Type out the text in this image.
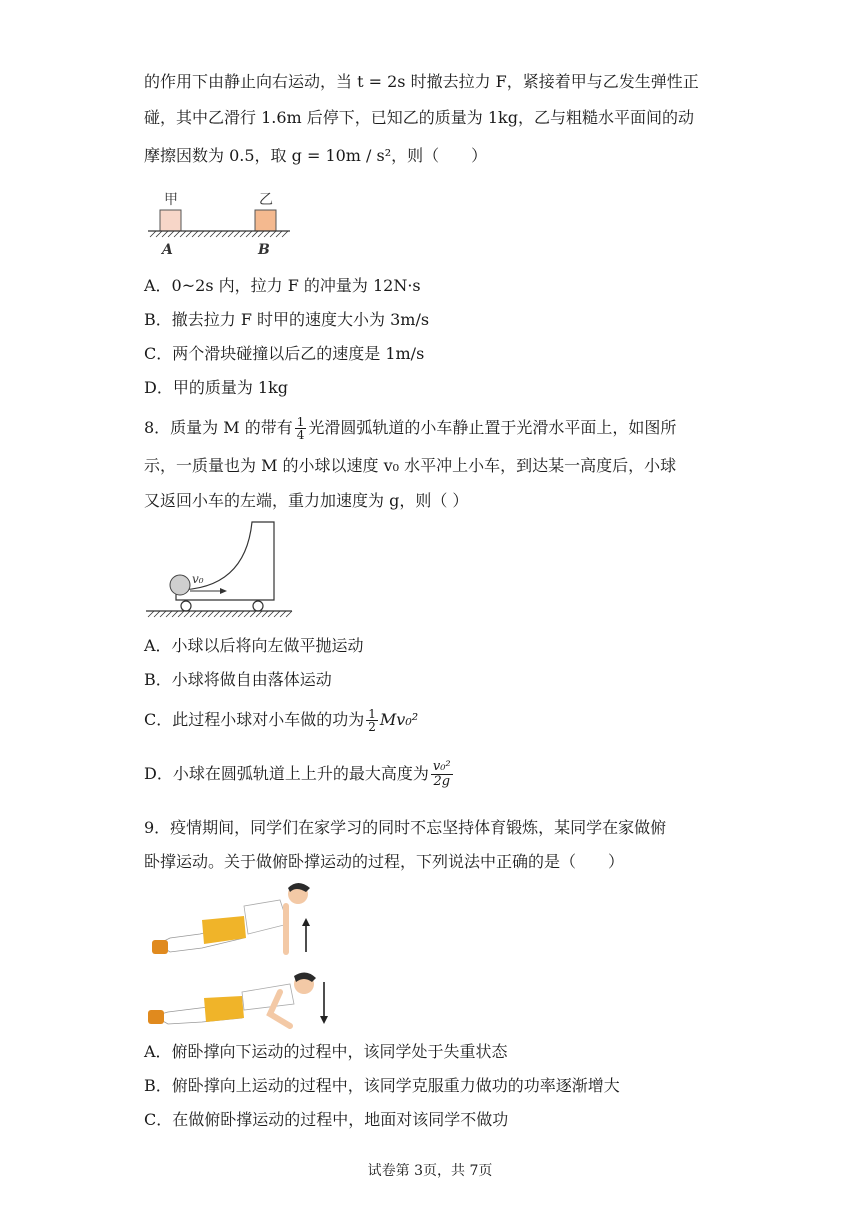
的作用下由静止向右运动，当 t = 2s 时撤去拉力 F，紧接着甲与乙发生弹性正
碰，其中乙滑行 1.6m 后停下，已知乙的质量为 1kg，乙与粗糙水平面间的动
摩擦因数为 0.5，取 g = 10m / s²，则（　　）
甲	乙
A	B
A．0~2s 内，拉力 F 的冲量为 12N·s
B．撤去拉力 F 时甲的速度大小为 3m/s
C．两个滑块碰撞以后乙的速度是 1m/s
D．甲的质量为 1kg
8．质量为 M 的带有 $\frac{1}{4}$ 光滑圆弧轨道的小车静止置于光滑水平面上，如图所
示，一质量也为 M 的小球以速度 v₀ 水平冲上小车，到达某一高度后，小球
又返回小车的左端，重力加速度为 g，则（ ）
v₀
A．小球以后将向左做平抛运动
B．小球将做自由落体运动
C．此过程小球对小车做的功为 $\frac{1}{2} Mv_0^2$
D．小球在圆弧轨道上上升的最大高度为 $\frac{\text{v₀²}}{2g}$
9．疫情期间，同学们在家学习的同时不忘坚持体育锻炼，某同学在家做俯
卧撑运动。关于做俯卧撑运动的过程，下列说法中正确的是（　　）
A．俯卧撑向下运动的过程中，该同学处于失重状态
B．俯卧撑向上运动的过程中，该同学克服重力做功的功率逐渐增大
C．在做俯卧撑运动的过程中，地面对该同学不做功
试卷第 3页，共 7页
